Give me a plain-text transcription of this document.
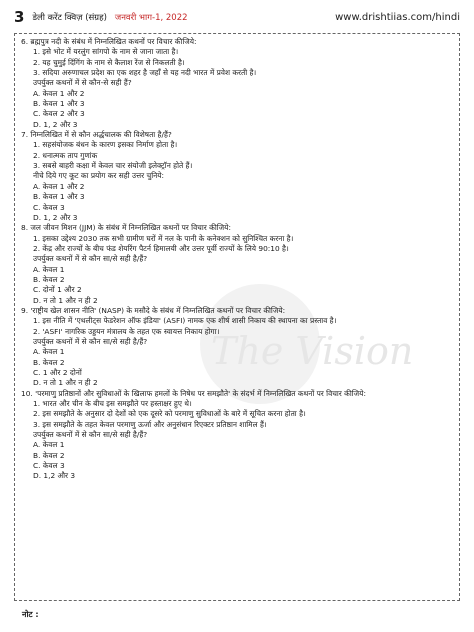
3 डेली करेंट क्विज़ (संग्रह) जनवरी भाग-1, 2022	www.drishtiias.com/hindi
The Vision
6. ब्रह्मपुत्र नदी के संबंध में निम्नलिखित कथनों पर विचार कीजिये:
1. इसे भोट में यरलुंग सांगपो के नाम से जाना जाता है।
2. यह चुमुई दिंगिंग के नाम से कैलाश रेंज से निकलती है।
3. सदिया अरुणाचल प्रदेश का एक शहर है जहाँ से यह नदी भारत में प्रवेश करती है।
उपर्युक्त कथनों में से कौन-से सही हैं?
A. केवल 1 और 2
B. केवल 1 और 3
C. केवल 2 और 3
D. 1, 2 और 3
7. निम्नलिखित में से कौन अर्द्धचालक की विशेषता है/हैं?
1. सहसंयोजक बंधन के कारण इसका निर्माण होता है।
2. धनात्मक ताप गुणांक
3. सबसे बाहरी कक्षा में केवल चार संयोजी इलेक्ट्रॉन होते हैं।
नीचे दिये गए कूट का प्रयोग कर सही उत्तर चुनिये:
A. केवल 1 और 2
B. केवल 1 और 3
C. केवल 3
D. 1, 2 और 3
8. जल जीवन मिशन (JJM) के संबंध में निम्नलिखित कथनों पर विचार कीजिये:
1. इसका उद्देश्य 2030 तक सभी ग्रामीण घरों में नल के पानी के कनेक्शन को सुनिश्चित करना है।
2. केंद्र और राज्यों के बीच फंड शेयरिंग पैटर्न हिमालयी और उत्तर पूर्वी राज्यों के लिये 90:10 है।
उपर्युक्त कथनों में से कौन सा/से सही है/हैं?
A. केवल 1
B. केवल 2
C. दोनों 1 और 2
D. न तो 1 और न ही 2
9. 'राष्ट्रीय खेल शासन नीति' (NASP) के मसौदे के संबंध में निम्नलिखित कथनों पर विचार कीजिये:
1. इस नीति में 'एथलीट्स फेडरेशन ऑफ इंडिया' (ASFI) नामक एक शीर्ष शासी निकाय की स्थापना का प्रस्ताव है।
2. 'ASFI' नागरिक उड्डयन मंत्रालय के तहत एक स्वायत्त निकाय होगा।
उपर्युक्त कथनों में से कौन सा/से सही है/हैं?
A. केवल 1
B. केवल 2
C. 1 और 2 दोनों
D. न तो 1 और न ही 2
10. 'परमाणु प्रतिष्ठानों और सुविधाओं के खिलाफ हमलों के निषेध पर समझौते' के संदर्भ में निम्नलिखित कथनों पर विचार कीजिये:
1. भारत और चीन के बीच इस समझौते पर हस्ताक्षर हुए थे।
2. इस समझौते के अनुसार दो देशों को एक दूसरे को परमाणु सुविधाओं के बारे में सूचित करना होता है।
3. इस समझौते के तहत केवल परमाणु ऊर्जा और अनुसंधान रिएक्टर प्रतिष्ठान शामिल हैं।
उपर्युक्त कथनों में से कौन सा/से सही है/हैं?
A. केवल 1
B. केवल 2
C. केवल 3
D. 1,2 और 3
नोट :
